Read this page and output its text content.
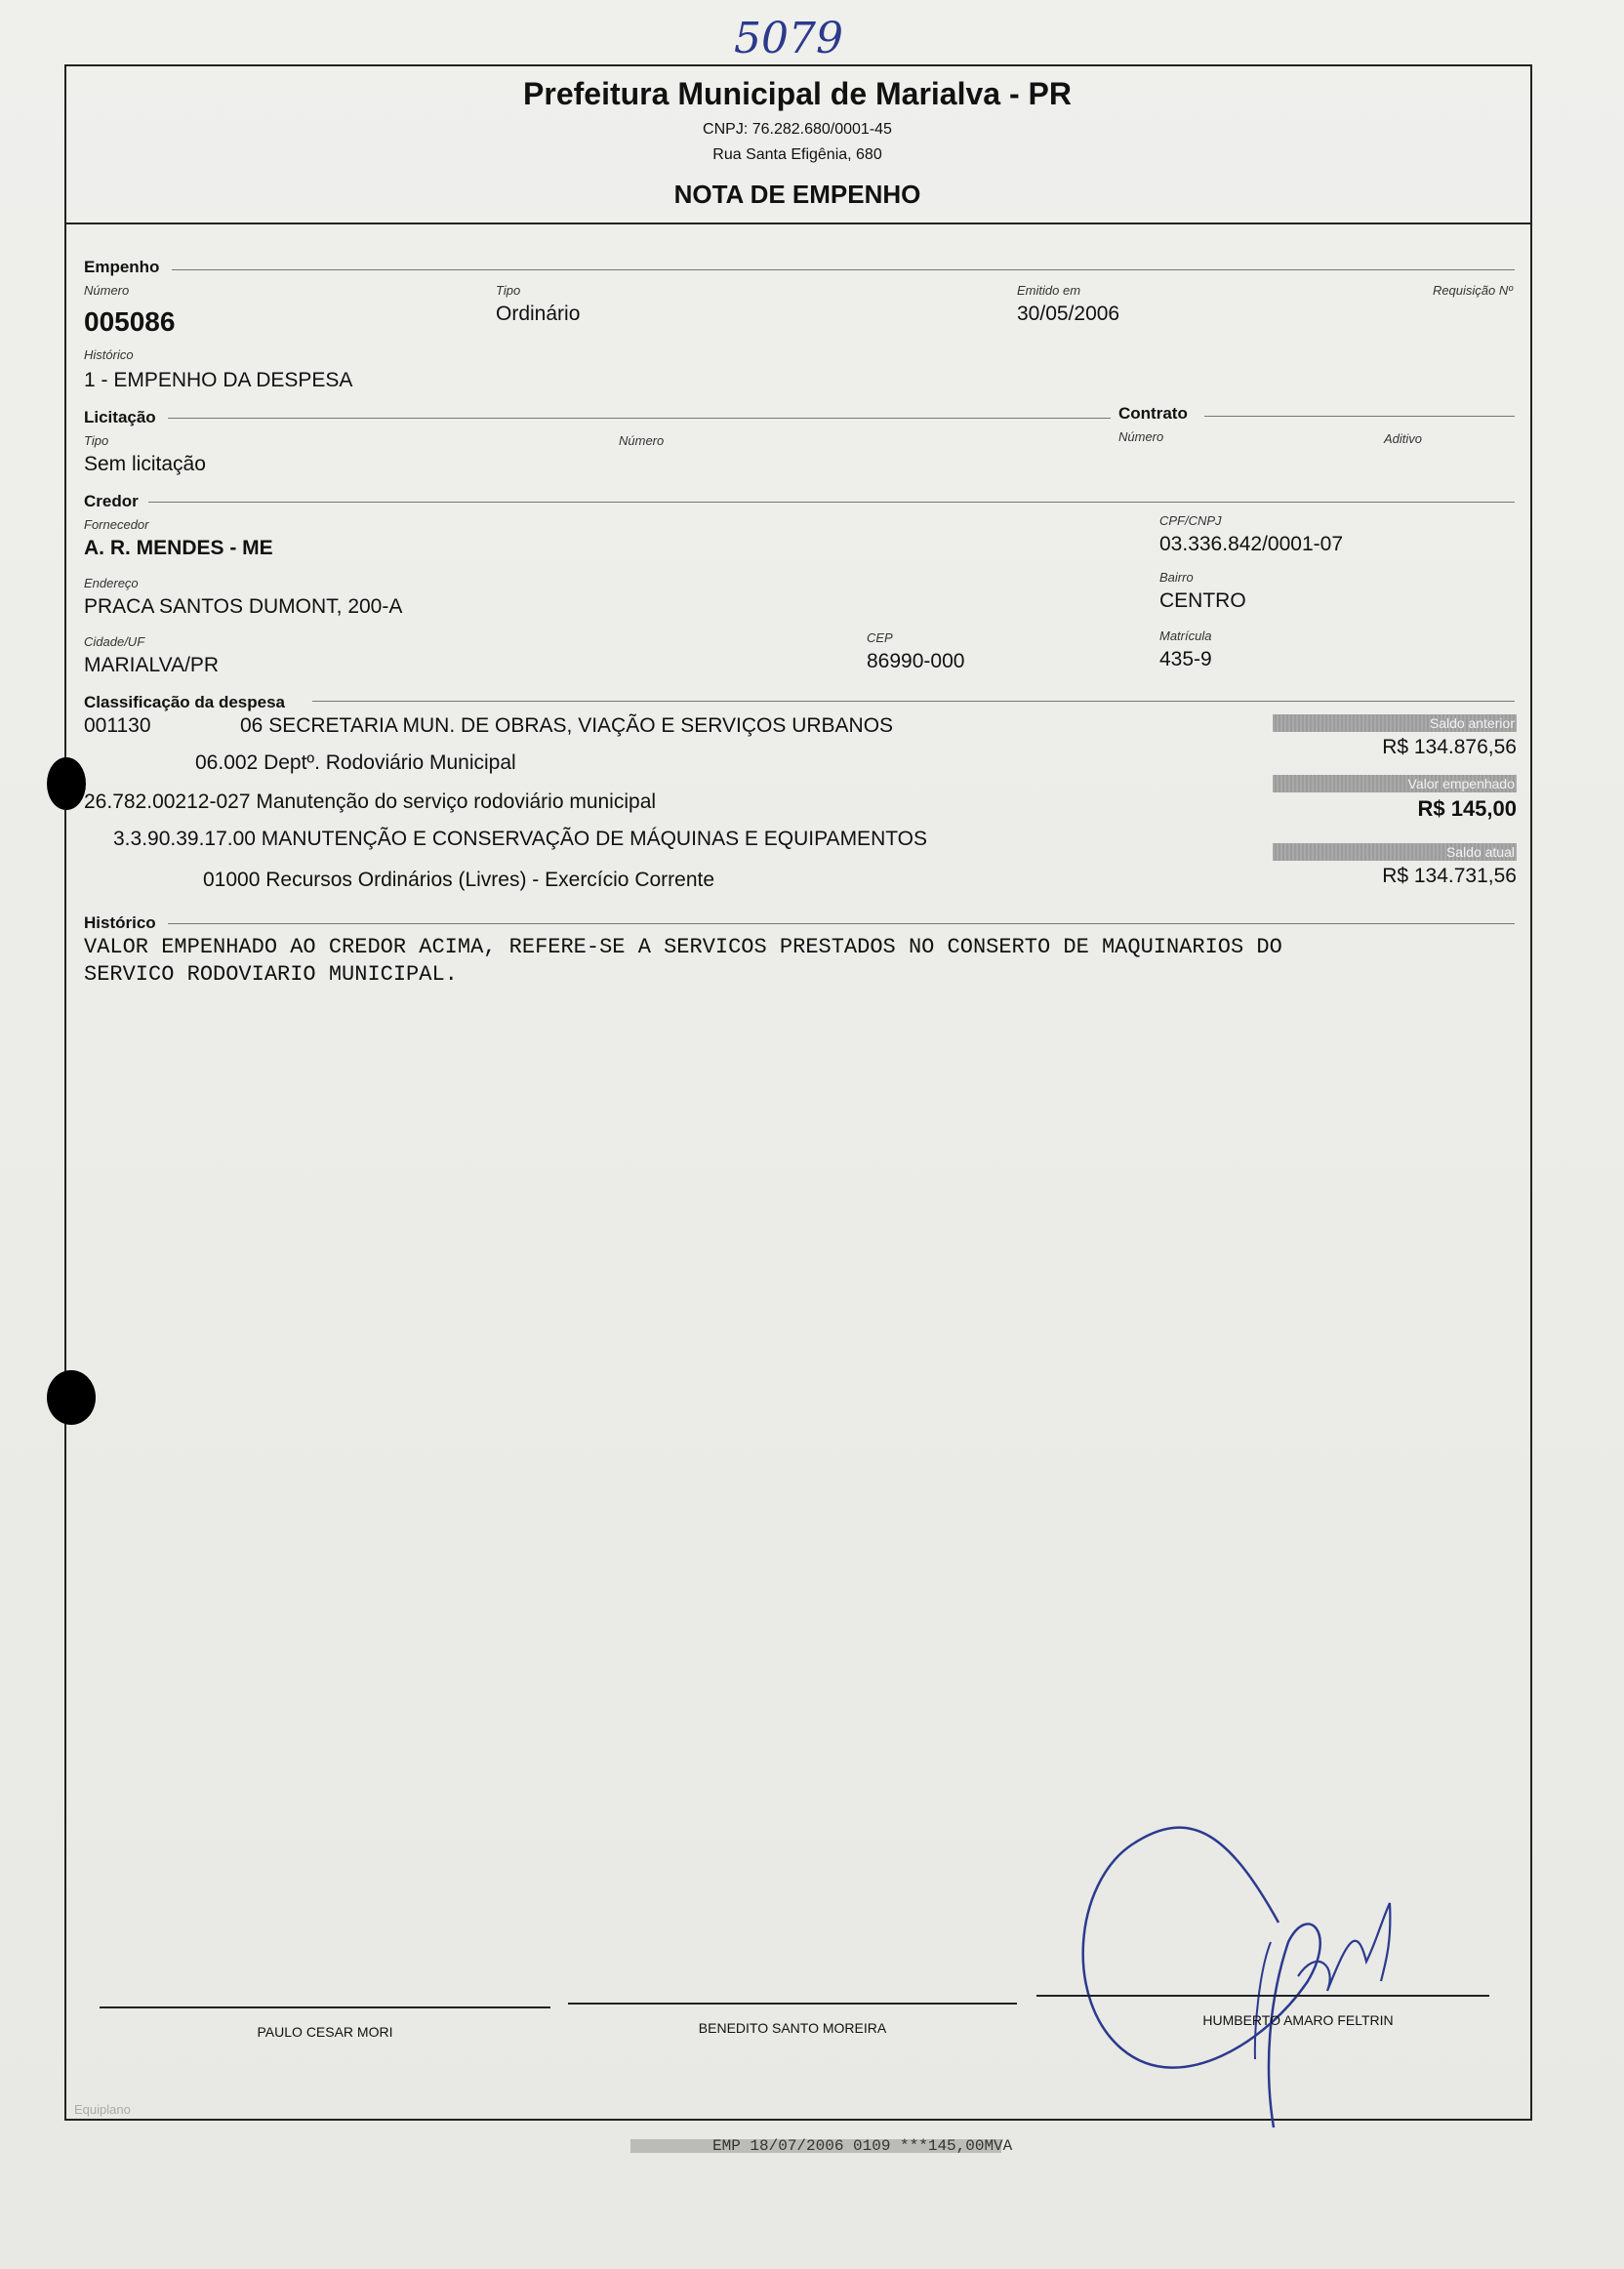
5079
Prefeitura Municipal de Marialva - PR
CNPJ: 76.282.680/0001-45
Rua Santa Efigênia, 680
NOTA DE EMPENHO
Empenho
Número
005086
Tipo
Ordinário
Emitido em
30/05/2006
Requisição Nº
Histórico
1 - EMPENHO DA DESPESA
Licitação	Contrato
Tipo
Sem licitação
Número	Número	Aditivo
Credor
Fornecedor
A. R. MENDES - ME
CPF/CNPJ
03.336.842/0001-07
Endereço
PRACA SANTOS DUMONT, 200-A
Bairro
CENTRO
Cidade/UF
MARIALVA/PR
CEP
86990-000
Matrícula
435-9
Classificação da despesa
001130	06 SECRETARIA MUN. DE OBRAS, VIAÇÃO E SERVIÇOS URBANOS
06.002 Deptº. Rodoviário Municipal
26.782.00212-027 Manutenção do serviço rodoviário municipal
3.3.90.39.17.00 MANUTENÇÃO E CONSERVAÇÃO DE MÁQUINAS E EQUIPAMENTOS
01000 Recursos Ordinários (Livres) - Exercício Corrente
Saldo anterior
R$ 134.876,56
Valor empenhado
R$ 145,00
Saldo atual
R$ 134.731,56
Histórico
VALOR EMPENHADO AO CREDOR ACIMA, REFERE-SE A SERVICOS PRESTADOS NO CONSERTO DE MAQUINARIOS DO
SERVICO RODOVIARIO MUNICIPAL.
PAULO CESAR MORI	BENEDITO SANTO MOREIRA	HUMBERTO AMARO FELTRIN
Equiplano
EMP 18/07/2006 0109 ***145,00MVA
